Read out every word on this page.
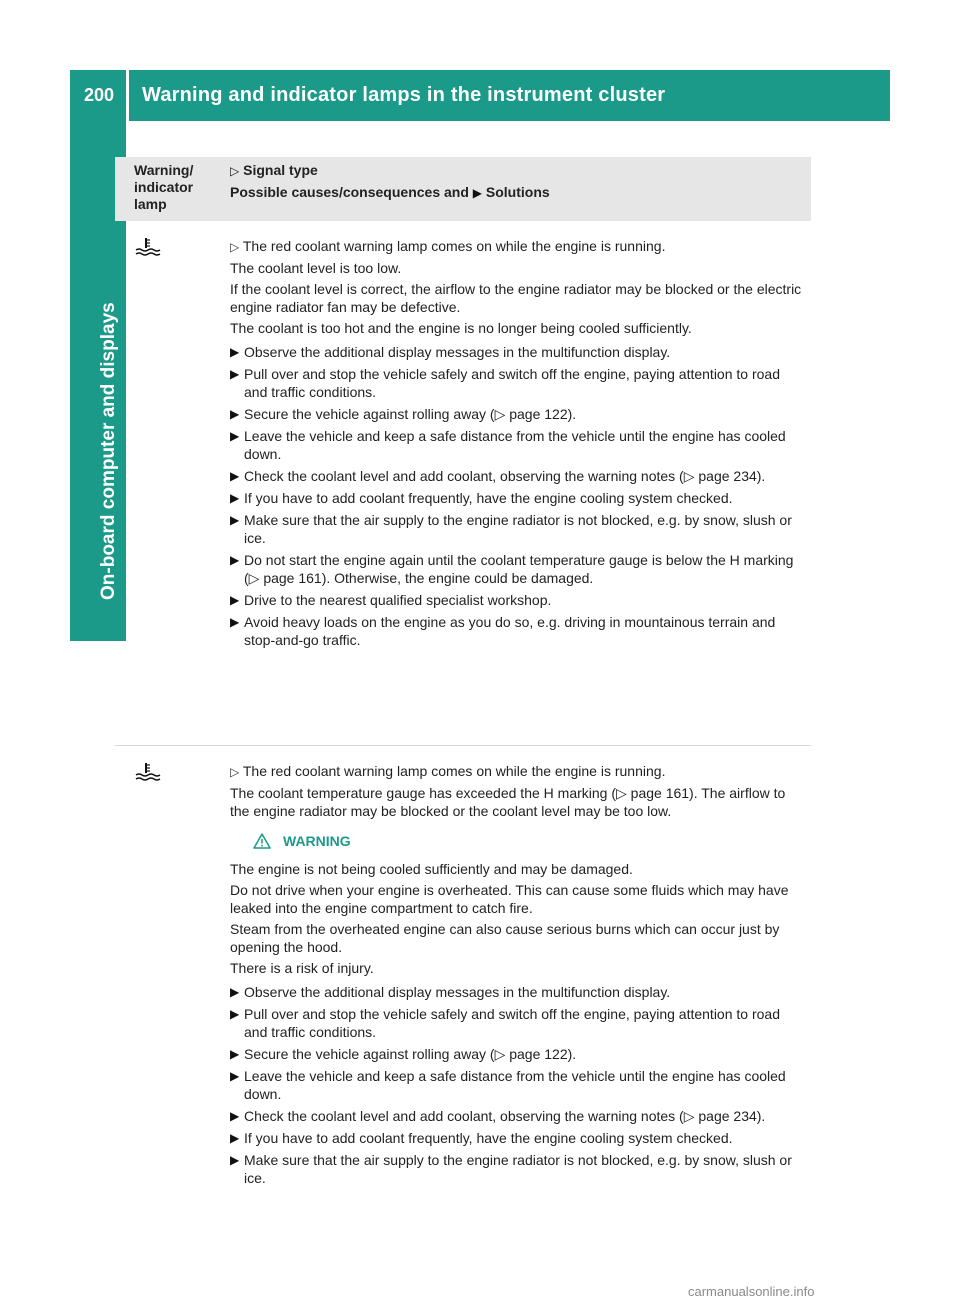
200	Warning and indicator lamps in the instrument cluster
On-board computer and displays
Warning/
indicator
lamp
▷ Signal type
Possible causes/consequences and ▶ Solutions

▷ The red coolant warning lamp comes on while the engine is running.

The coolant level is too low.

If the coolant level is correct, the airflow to the engine radiator may be blocked or the electric engine radiator fan may be defective.

The coolant is too hot and the engine is no longer being cooled sufficiently.

▶ Observe the additional display messages in the multifunction display.
▶ Pull over and stop the vehicle safely and switch off the engine, paying attention to road and traffic conditions.
▶ Secure the vehicle against rolling away (▷ page 122).
▶ Leave the vehicle and keep a safe distance from the vehicle until the engine has cooled down.
▶ Check the coolant level and add coolant, observing the warning notes (▷ page 234).
▶ If you have to add coolant frequently, have the engine cooling system checked.
▶ Make sure that the air supply to the engine radiator is not blocked, e.g. by snow, slush or ice.
▶ Do not start the engine again until the coolant temperature gauge is below the H marking (▷ page 161). Otherwise, the engine could be damaged.
▶ Drive to the nearest qualified specialist workshop.
▶ Avoid heavy loads on the engine as you do so, e.g. driving in mountainous terrain and stop-and-go traffic.

▷ The red coolant warning lamp comes on while the engine is running.

The coolant temperature gauge has exceeded the H marking (▷ page 161). The airflow to the engine radiator may be blocked or the coolant level may be too low.

WARNING

The engine is not being cooled sufficiently and may be damaged.

Do not drive when your engine is overheated. This can cause some fluids which may have leaked into the engine compartment to catch fire.

Steam from the overheated engine can also cause serious burns which can occur just by opening the hood.

There is a risk of injury.

▶ Observe the additional display messages in the multifunction display.
▶ Pull over and stop the vehicle safely and switch off the engine, paying attention to road and traffic conditions.
▶ Secure the vehicle against rolling away (▷ page 122).
▶ Leave the vehicle and keep a safe distance from the vehicle until the engine has cooled down.
▶ Check the coolant level and add coolant, observing the warning notes (▷ page 234).
▶ If you have to add coolant frequently, have the engine cooling system checked.
▶ Make sure that the air supply to the engine radiator is not blocked, e.g. by snow, slush or ice.
carmanualsonline.info
